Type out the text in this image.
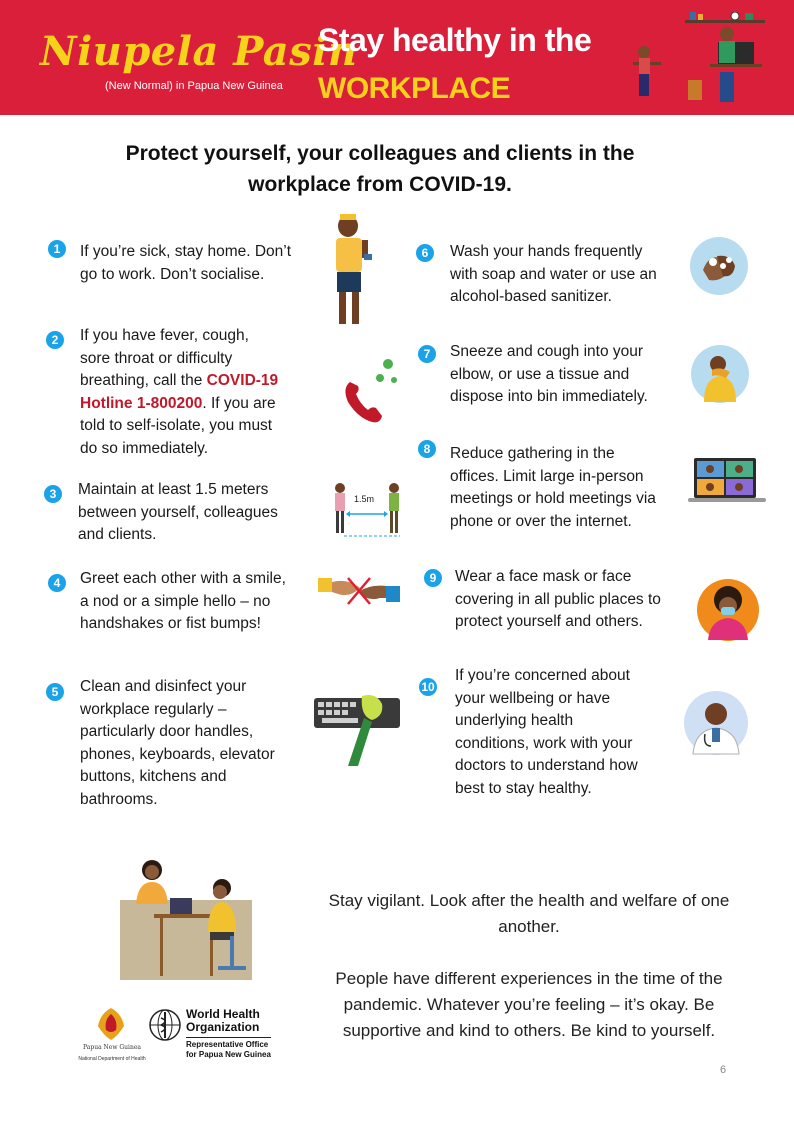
Niupela Pasin
(New Normal) in Papua New Guinea
Stay healthy in the
WORKPLACE
Protect yourself, your colleagues and clients in the
workplace from COVID-19.
1	If you’re sick, stay home. Don’t
go to work. Don’t socialise.
2	If you have fever, cough,
sore throat or difficulty
breathing, call the COVID-19
Hotline 1-800200. If you are
told to self-isolate, you must
do so immediately.
3	Maintain at least 1.5 meters
between yourself, colleagues
and clients.
1.5m
4	Greet each other with a smile,
a nod or a simple hello – no
handshakes or fist bumps!
5	Clean and disinfect your
workplace regularly –
particularly door handles,
phones, keyboards, elevator
buttons, kitchens and
bathrooms.
6	Wash your hands frequently
with soap and water or use an
alcohol-based sanitizer.
7	Sneeze and cough into your
elbow, or use a tissue and
dispose into bin immediately.
8	Reduce gathering in the
offices. Limit large in-person
meetings or hold meetings via
phone or over the internet.
9	Wear a face mask or face
covering in all public places to
protect yourself and others.
10
If you’re concerned about
your wellbeing or have
underlying health
conditions, work with your
doctors to understand how
best to stay healthy.

Stay vigilant. Look after the health and welfare of one another.

People have different experiences in the time of the pandemic. Whatever you’re feeling – it’s okay. Be supportive and kind to others. Be kind to yourself.

Papua New Guinea
National Department of Health
World Health
Organization
Representative Office
for Papua New Guinea
6
